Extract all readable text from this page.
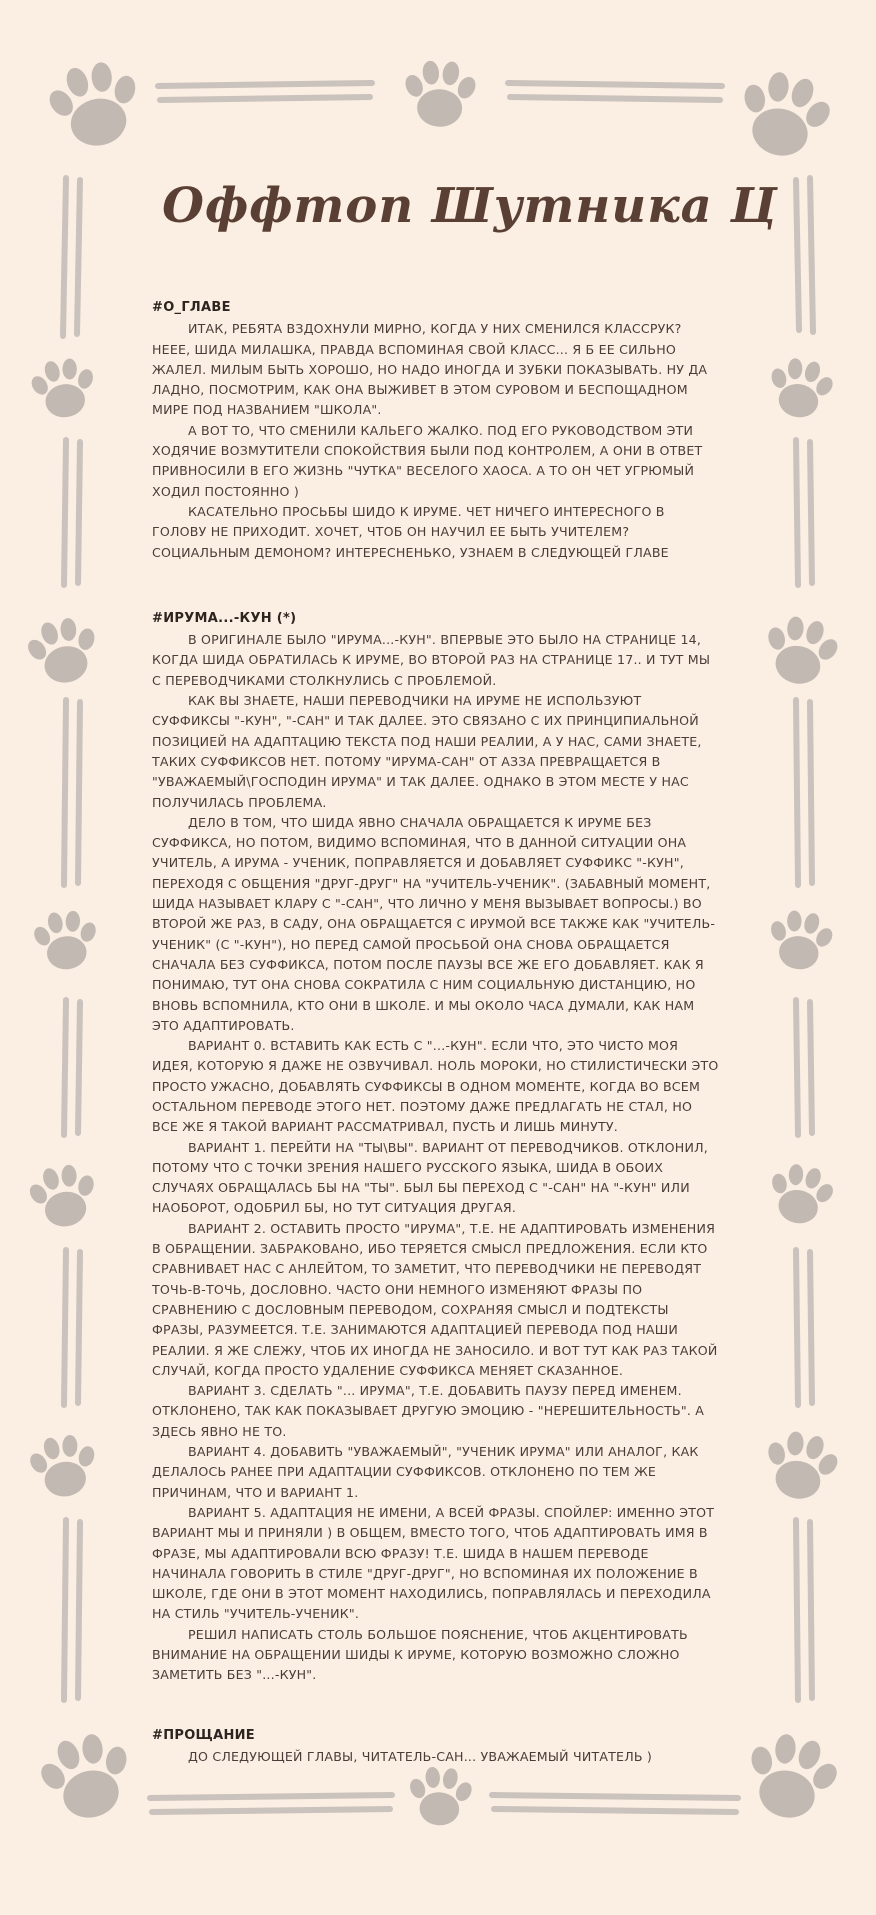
Оффтоп Шутника Ц
#О_ГЛАВЕ

ИТАК, РЕБЯТА ВЗДОХНУЛИ МИРНО, КОГДА У НИХ СМЕНИЛСЯ КЛАССРУК? НЕЕЕ, ШИДА МИЛАШКА, ПРАВДА ВСПОМИНАЯ СВОЙ КЛАСС... Я Б ЕЕ СИЛЬНО ЖАЛЕЛ. МИЛЫМ БЫТЬ ХОРОШО, НО НАДО ИНОГДА И ЗУБКИ ПОКАЗЫВАТЬ. НУ ДА ЛАДНО, ПОСМОТРИМ, КАК ОНА ВЫЖИВЕТ В ЭТОМ СУРОВОМ И БЕСПОЩАДНОМ МИРЕ ПОД НАЗВАНИЕМ "ШКОЛА".

А ВОТ ТО, ЧТО СМЕНИЛИ КАЛЬЕГО ЖАЛКО. ПОД ЕГО РУКОВОДСТВОМ ЭТИ ХОДЯЧИЕ ВОЗМУТИТЕЛИ СПОКОЙСТВИЯ БЫЛИ ПОД КОНТРОЛЕМ, А ОНИ В ОТВЕТ ПРИВНОСИЛИ В ЕГО ЖИЗНЬ "ЧУТКА" ВЕСЕЛОГО ХАОСА. А ТО ОН ЧЕТ УГРЮМЫЙ ХОДИЛ ПОСТОЯННО )

КАСАТЕЛЬНО ПРОСЬБЫ ШИДО К ИРУМЕ. ЧЕТ НИЧЕГО ИНТЕРЕСНОГО В ГОЛОВУ НЕ ПРИХОДИТ. ХОЧЕТ, ЧТОБ ОН НАУЧИЛ ЕЕ БЫТЬ УЧИТЕЛЕМ? СОЦИАЛЬНЫМ ДЕМОНОМ? ИНТЕРЕСНЕНЬКО, УЗНАЕМ В СЛЕДУЮЩЕЙ ГЛАВЕ

#ИРУМА...-КУН (*)

В ОРИГИНАЛЕ БЫЛО "ИРУМА...-КУН". ВПЕРВЫЕ ЭТО БЫЛО НА СТРАНИЦЕ 14, КОГДА ШИДА ОБРАТИЛАСЬ К ИРУМЕ, ВО ВТОРОЙ РАЗ НА СТРАНИЦЕ 17.. И ТУТ МЫ С ПЕРЕВОДЧИКАМИ СТОЛКНУЛИСЬ С ПРОБЛЕМОЙ.

КАК ВЫ ЗНАЕТЕ, НАШИ ПЕРЕВОДЧИКИ НА ИРУМЕ НЕ ИСПОЛЬЗУЮТ СУФФИКСЫ "-КУН", "-САН" И ТАК ДАЛЕЕ. ЭТО СВЯЗАНО С ИХ ПРИНЦИПИАЛЬНОЙ ПОЗИЦИЕЙ НА АДАПТАЦИЮ ТЕКСТА ПОД НАШИ РЕАЛИИ, А У НАС, САМИ ЗНАЕТЕ, ТАКИХ СУФФИКСОВ НЕТ. ПОТОМУ "ИРУМА-САН" ОТ АЗЗА ПРЕВРАЩАЕТСЯ В "УВАЖАЕМЫЙ\ГОСПОДИН ИРУМА" И ТАК ДАЛЕЕ. ОДНАКО В ЭТОМ МЕСТЕ У НАС ПОЛУЧИЛАСЬ ПРОБЛЕМА.

ДЕЛО В ТОМ, ЧТО ШИДА ЯВНО СНАЧАЛА ОБРАЩАЕТСЯ К ИРУМЕ БЕЗ СУФФИКСА, НО ПОТОМ, ВИДИМО ВСПОМИНАЯ, ЧТО В ДАННОЙ СИТУАЦИИ ОНА УЧИТЕЛЬ, А ИРУМА - УЧЕНИК, ПОПРАВЛЯЕТСЯ И ДОБАВЛЯЕТ СУФФИКС "-КУН", ПЕРЕХОДЯ С ОБЩЕНИЯ "ДРУГ-ДРУГ" НА "УЧИТЕЛЬ-УЧЕНИК". (ЗАБАВНЫЙ МОМЕНТ, ШИДА НАЗЫВАЕТ КЛАРУ С "-САН", ЧТО ЛИЧНО У МЕНЯ ВЫЗЫВАЕТ ВОПРОСЫ.) ВО ВТОРОЙ ЖЕ РАЗ, В САДУ, ОНА ОБРАЩАЕТСЯ С ИРУМОЙ ВСЕ ТАКЖЕ КАК "УЧИТЕЛЬ-УЧЕНИК" (С "-КУН"), НО ПЕРЕД САМОЙ ПРОСЬБОЙ ОНА СНОВА ОБРАЩАЕТСЯ СНАЧАЛА БЕЗ СУФФИКСА, ПОТОМ ПОСЛЕ ПАУЗЫ ВСЕ ЖЕ ЕГО ДОБАВЛЯЕТ. КАК Я ПОНИМАЮ, ТУТ ОНА СНОВА СОКРАТИЛА С НИМ СОЦИАЛЬНУЮ ДИСТАНЦИЮ, НО ВНОВЬ ВСПОМНИЛА, КТО ОНИ В ШКОЛЕ. И МЫ ОКОЛО ЧАСА ДУМАЛИ, КАК НАМ ЭТО АДАПТИРОВАТЬ.

ВАРИАНТ 0. ВСТАВИТЬ КАК ЕСТЬ С "...-КУН". ЕСЛИ ЧТО, ЭТО ЧИСТО МОЯ ИДЕЯ, КОТОРУЮ Я ДАЖЕ НЕ ОЗВУЧИВАЛ. НОЛЬ МОРОКИ, НО СТИЛИСТИЧЕСКИ ЭТО ПРОСТО УЖАСНО, ДОБАВЛЯТЬ СУФФИКСЫ В ОДНОМ МОМЕНТЕ, КОГДА ВО ВСЕМ ОСТАЛЬНОМ ПЕРЕВОДЕ ЭТОГО НЕТ. ПОЭТОМУ ДАЖЕ ПРЕДЛАГАТЬ НЕ СТАЛ, НО ВСЕ ЖЕ Я ТАКОЙ ВАРИАНТ РАССМАТРИВАЛ, ПУСТЬ И ЛИШЬ МИНУТУ.

ВАРИАНТ 1. ПЕРЕЙТИ НА "ТЫ\ВЫ". ВАРИАНТ ОТ ПЕРЕВОДЧИКОВ. ОТКЛОНИЛ, ПОТОМУ ЧТО С ТОЧКИ ЗРЕНИЯ НАШЕГО РУССКОГО ЯЗЫКА, ШИДА В ОБОИХ СЛУЧАЯХ ОБРАЩАЛАСЬ БЫ НА "ТЫ". БЫЛ БЫ ПЕРЕХОД С "-САН" НА "-КУН" ИЛИ НАОБОРОТ, ОДОБРИЛ БЫ, НО ТУТ СИТУАЦИЯ ДРУГАЯ.

ВАРИАНТ 2. ОСТАВИТЬ ПРОСТО "ИРУМА", Т.Е. НЕ АДАПТИРОВАТЬ ИЗМЕНЕНИЯ В ОБРАЩЕНИИ. ЗАБРАКОВАНО, ИБО ТЕРЯЕТСЯ СМЫСЛ ПРЕДЛОЖЕНИЯ. ЕСЛИ КТО СРАВНИВАЕТ НАС С АНЛЕЙТОМ, ТО ЗАМЕТИТ, ЧТО ПЕРЕВОДЧИКИ НЕ ПЕРЕВОДЯТ ТОЧЬ-В-ТОЧЬ, ДОСЛОВНО. ЧАСТО ОНИ НЕМНОГО ИЗМЕНЯЮТ ФРАЗЫ ПО СРАВНЕНИЮ С ДОСЛОВНЫМ ПЕРЕВОДОМ, СОХРАНЯЯ СМЫСЛ И ПОДТЕКСТЫ ФРАЗЫ, РАЗУМЕЕТСЯ. Т.Е. ЗАНИМАЮТСЯ АДАПТАЦИЕЙ ПЕРЕВОДА ПОД НАШИ РЕАЛИИ. Я ЖЕ СЛЕЖУ, ЧТОБ ИХ ИНОГДА НЕ ЗАНОСИЛО. И ВОТ ТУТ КАК РАЗ ТАКОЙ СЛУЧАЙ, КОГДА ПРОСТО УДАЛЕНИЕ СУФФИКСА МЕНЯЕТ СКАЗАННОЕ.

ВАРИАНТ 3. СДЕЛАТЬ "... ИРУМА", Т.Е. ДОБАВИТЬ ПАУЗУ ПЕРЕД ИМЕНЕМ. ОТКЛОНЕНО, ТАК КАК ПОКАЗЫВАЕТ ДРУГУЮ ЭМОЦИЮ - "НЕРЕШИТЕЛЬНОСТЬ". А ЗДЕСЬ ЯВНО НЕ ТО.

ВАРИАНТ 4. ДОБАВИТЬ "УВАЖАЕМЫЙ", "УЧЕНИК ИРУМА" ИЛИ АНАЛОГ, КАК ДЕЛАЛОСЬ РАНЕЕ ПРИ АДАПТАЦИИ СУФФИКСОВ. ОТКЛОНЕНО ПО ТЕМ ЖЕ ПРИЧИНАМ, ЧТО И ВАРИАНТ 1.

ВАРИАНТ 5. АДАПТАЦИЯ НЕ ИМЕНИ, А ВСЕЙ ФРАЗЫ. СПОЙЛЕР: ИМЕННО ЭТОТ ВАРИАНТ МЫ И ПРИНЯЛИ ) В ОБЩЕМ, ВМЕСТО ТОГО, ЧТОБ АДАПТИРОВАТЬ ИМЯ В ФРАЗЕ, МЫ АДАПТИРОВАЛИ ВСЮ ФРАЗУ! Т.Е. ШИДА В НАШЕМ ПЕРЕВОДЕ НАЧИНАЛА ГОВОРИТЬ В СТИЛЕ "ДРУГ-ДРУГ", НО ВСПОМИНАЯ ИХ ПОЛОЖЕНИЕ В ШКОЛЕ, ГДЕ ОНИ В ЭТОТ МОМЕНТ НАХОДИЛИСЬ, ПОПРАВЛЯЛАСЬ И ПЕРЕХОДИЛА НА СТИЛЬ "УЧИТЕЛЬ-УЧЕНИК".

РЕШИЛ НАПИСАТЬ СТОЛЬ БОЛЬШОЕ ПОЯСНЕНИЕ, ЧТОБ АКЦЕНТИРОВАТЬ ВНИМАНИЕ НА ОБРАЩЕНИИ ШИДЫ К ИРУМЕ, КОТОРУЮ ВОЗМОЖНО СЛОЖНО ЗАМЕТИТЬ БЕЗ "...-КУН".

#ПРОЩАНИЕ

ДО СЛЕДУЮЩЕЙ ГЛАВЫ, ЧИТАТЕЛЬ-САН... УВАЖАЕМЫЙ ЧИТАТЕЛЬ )
